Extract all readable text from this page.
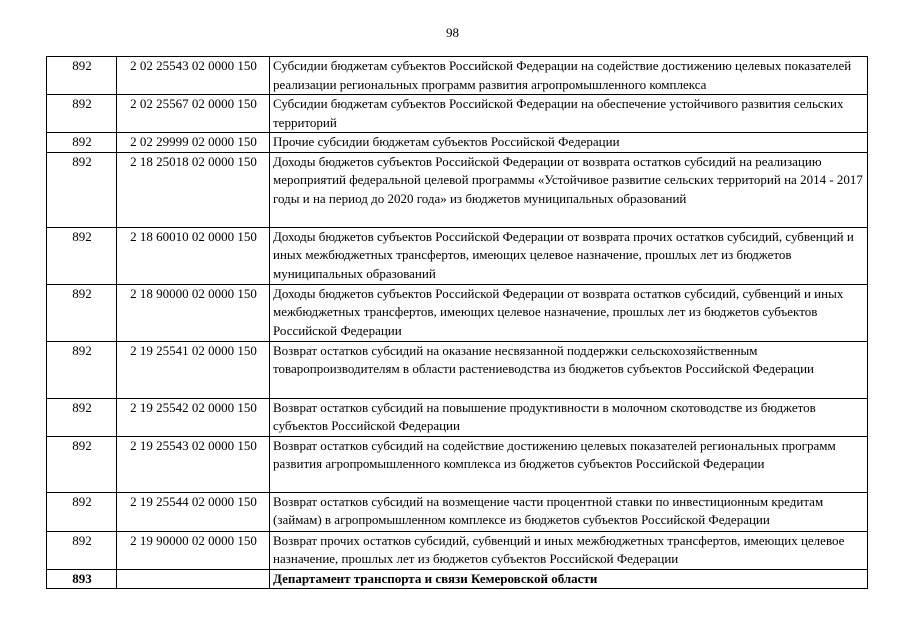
98
892	2 02 25543 02 0000 150	Субсидии бюджетам субъектов Российской Федерации на содействие достижению целевых показателей реализации региональных программ развития агропромышленного комплекса
892	2 02 25567 02 0000 150	Субсидии бюджетам субъектов Российской Федерации на обеспечение устойчивого развития сельских территорий
892	2 02 29999 02 0000 150	Прочие субсидии бюджетам субъектов Российской Федерации
892	2 18 25018 02 0000 150	Доходы бюджетов субъектов Российской Федерации от возврата остатков субсидий на реализацию мероприятий федеральной целевой программы «Устойчивое развитие сельских территорий на 2014 - 2017 годы и на период до 2020 года» из бюджетов муниципальных образований
892	2 18 60010 02 0000 150	Доходы бюджетов субъектов Российской Федерации от возврата прочих остатков субсидий, субвенций и иных межбюджетных трансфертов, имеющих целевое назначение, прошлых лет из бюджетов муниципальных образований
892	2 18 90000 02 0000 150	Доходы бюджетов субъектов Российской Федерации от возврата остатков субсидий, субвенций и иных межбюджетных трансфертов, имеющих целевое назначение, прошлых лет из бюджетов субъектов Российской Федерации
892	2 19 25541 02 0000 150	Возврат остатков субсидий на оказание несвязанной поддержки сельскохозяйственным товаропроизводителям в области растениеводства из бюджетов субъектов Российской Федерации
892	2 19 25542 02 0000 150	Возврат остатков субсидий на повышение продуктивности в молочном скотоводстве из бюджетов субъектов Российской Федерации
892	2 19 25543 02 0000 150	Возврат остатков субсидий на содействие достижению целевых показателей региональных программ развития агропромышленного комплекса из бюджетов субъектов Российской Федерации
892	2 19 25544 02 0000 150	Возврат остатков субсидий на возмещение части процентной ставки по инвестиционным кредитам (займам) в агропромышленном комплексе из бюджетов субъектов Российской Федерации
892	2 19 90000 02 0000 150	Возврат прочих остатков субсидий, субвенций и иных межбюджетных трансфертов, имеющих целевое назначение, прошлых лет из бюджетов субъектов Российской Федерации
893		Департамент транспорта и связи Кемеровской области
